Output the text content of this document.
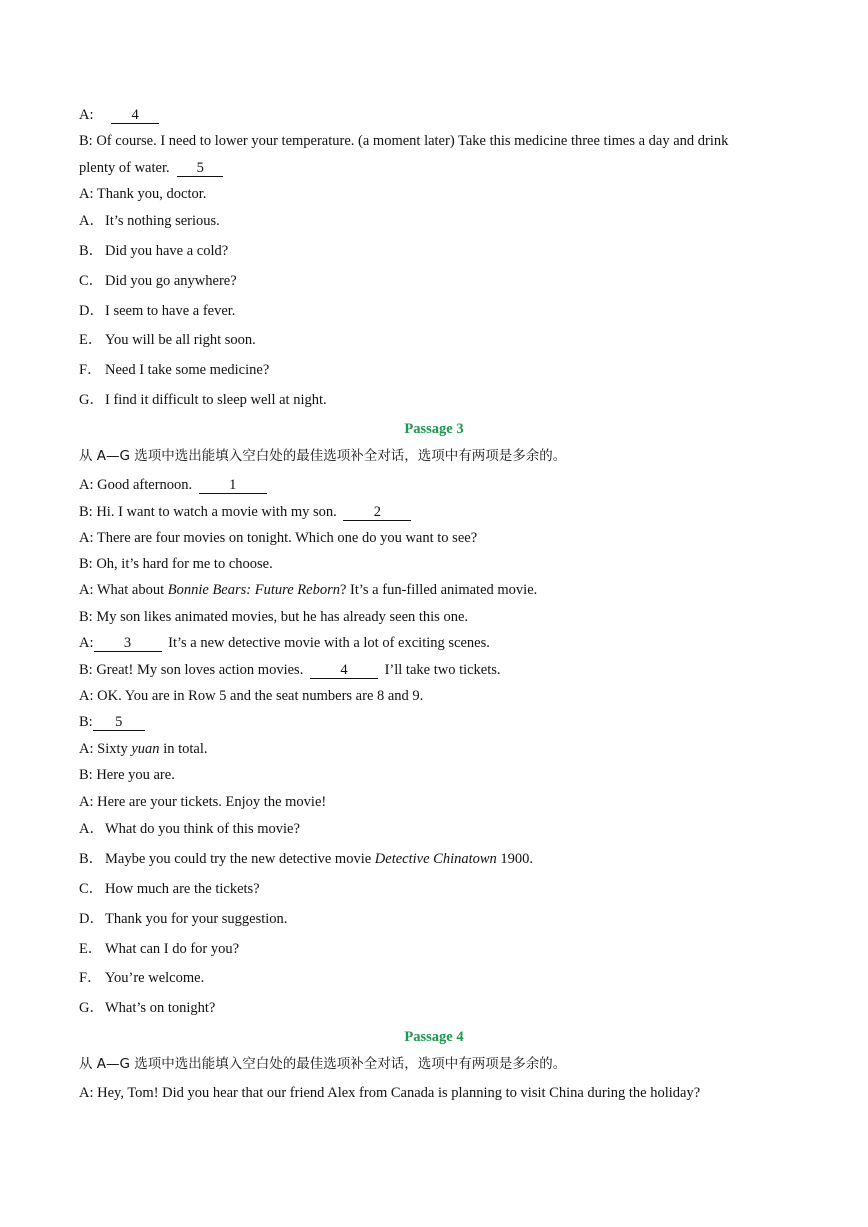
A:	4
B: Of course. I need to lower your temperature. (a moment later) Take this medicine three times a day and drink
plenty of water. 5
A: Thank you, doctor.
A．It’s nothing serious.
B． Did you have a cold?
C． Did you go anywhere?
D．I seem to have a fever.
E． You will be all right soon.
F． Need I take some medicine?
G．I find it difficult to sleep well at night.
Passage 3
从 A—G 选项中选出能填入空白处的最佳选项补全对话，选项中有两项是多余的。
A: Good afternoon.	1
B: Hi. I want to watch a movie with my son.	2
A: There are four movies on tonight. Which one do you want to see?
B: Oh, it’s hard for me to choose.
A: What about Bonnie Bears: Future Reborn? It’s a fun-filled animated movie.
B: My son likes animated movies, but he has already seen this one.
A: 3	It’s a new detective movie with a lot of exciting scenes.
B: Great! My son loves action movies.	4	I’ll take two tickets.
A: OK. You are in Row 5 and the seat numbers are 8 and 9.
B: 5
A: Sixty yuan in total.
B: Here you are.
A: Here are your tickets. Enjoy the movie!
A．What do you think of this movie?
B． Maybe you could try the new detective movie Detective Chinatown 1900.
C． How much are the tickets?
D．Thank you for your suggestion.
E． What can I do for you?
F． You’re welcome.
G．What’s on tonight?
Passage 4
从 A—G 选项中选出能填入空白处的最佳选项补全对话，选项中有两项是多余的。
A: Hey, Tom! Did you hear that our friend Alex from Canada is planning to visit China during the holiday?
